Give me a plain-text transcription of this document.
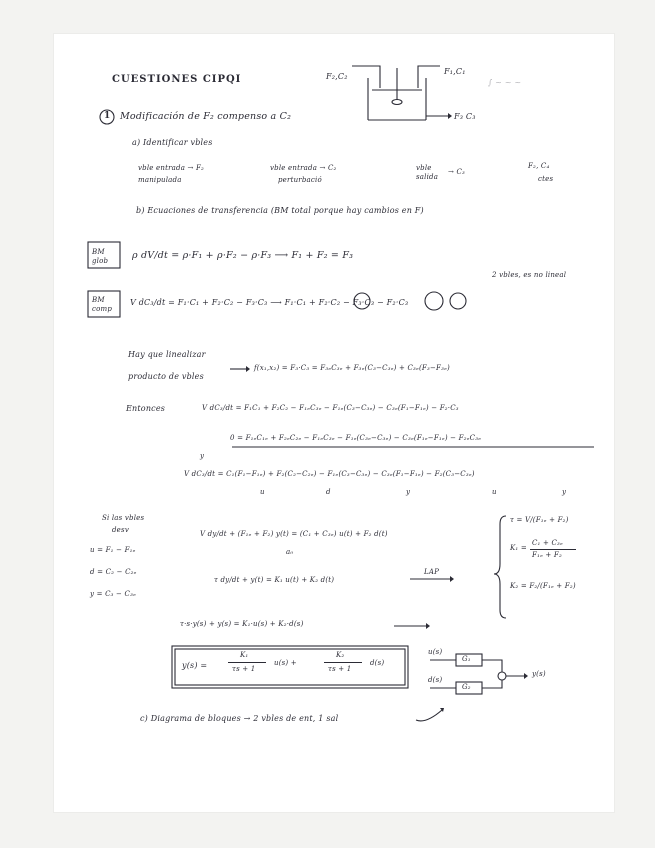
∫ ~ ~ ~
CUESTIONES CIPQI	F₂,C₂
F₁,C₁
F₃ C₃
1 Modificación de F₂ compenso a C₂
a) Identificar vbles
vble entrada → F₂
manipulada
vble entrada → C₂
perturbació
vble
salida
→ C₃
F₂, C₄
ctes
b) Ecuaciones de transferencia (BM total porque hay cambios en F)
BM glob	ρ dV/dt = ρ·F₁ + ρ·F₂ − ρ·F₃ ⟶ F₁ + F₂ = F₃
2 vbles, es no lineal
BM comp
V dC₃/dt = F₁·C₁ + F₂·C₂ − F₃·C₃ ⟶ F₁·C₁ + F₂·C₂ − F₃·C₃ − F₂·C₃
Hay que linealizar
producto de vbles
f(x₁,x₂) = F₃·C₃ = F₃ₑC₃ₑ + F₃ₑ(C₃−C₃ₑ) + C₃ₑ(F₃−F₃ₑ)
Entonces	V dC₃/dt = F₁C₁ + F₂C₂ − F₁ₑC₃ₑ − F₁ₑ(C₃−C₃ₑ) − C₃ₑ(F₁−F₁ₑ) − F₂·C₃
0 = F₁ₑC₁ₑ + F₂ₑC₂ₑ − F₁ₑC₃ₑ − F₁ₑ(C₃ₑ−C₃ₑ) − C₃ₑ(F₁ₑ−F₁ₑ) − F₂ₑC₃ₑ
y
V dC₃/dt = C₁(F₁−F₁ₑ) + F₂(C₂−C₂ₑ) − F₁ₑ(C₃−C₃ₑ) − C₃ₑ(F₁−F₁ₑ) − F₂(C₃−C₃ₑ)
u	d	y	u	y
Si las vbles
desv
u = F₁ − F₁ₑ
d = C₂ − C₂ₑ
y = C₃ − C₃ₑ
V dy/dt + (F₁ₑ + F₂) y(t) = (C₁ + C₃ₑ) u(t) + F₂ d(t)
a₀
τ dy/dt + y(t) = K₁ u(t) + K₂ d(t)
LAP
τ = V/(F₁ₑ + F₂)
K₁ =
C₁ + C₃ₑ
F₁ₑ + F₂
K₂ = F₂/(F₁ₑ + F₂)
τ·s·y(s) + y(s) = K₁·u(s) + K₂·d(s)
y(s) =
K₁
τs + 1
u(s) +
K₂
τs + 1
d(s)
u(s)
d(s)
G₁
G₂
y(s)
c) Diagrama de bloques → 2 vbles de ent, 1 sal
